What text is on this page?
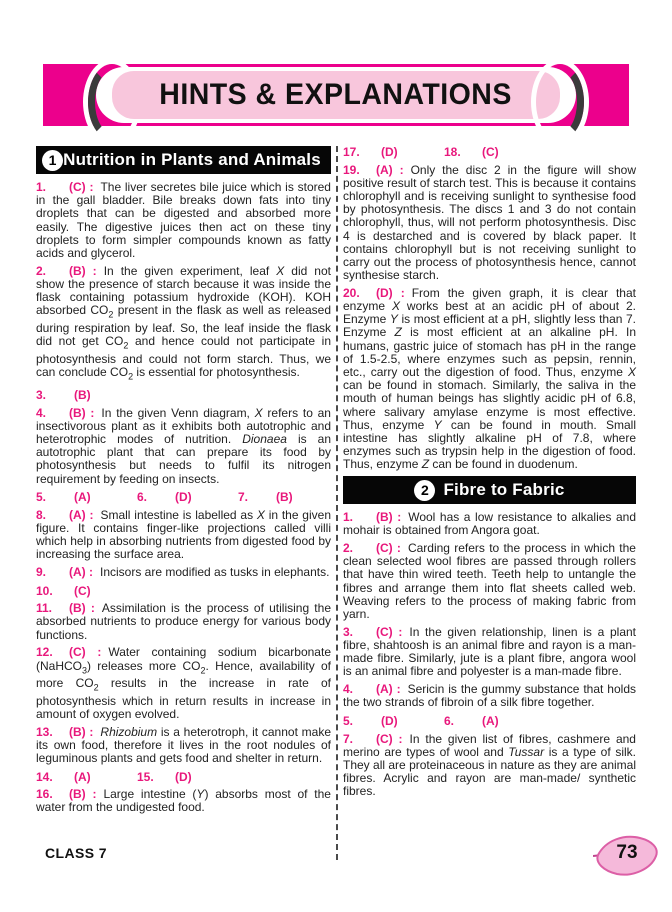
HINTS & EXPLANATIONS
1 Nutrition in Plants and Animals

1. (C) : The liver secretes bile juice which is stored in the gall bladder. Bile breaks down fats into tiny droplets that can be digested and absorbed more easily. The digestive juices then act on these tiny droplets to form simpler compounds known as fatty acids and glycerol.

2. (B) : In the given experiment, leaf X did not show the presence of starch because it was inside the flask containing potassium hydroxide (KOH). KOH absorbed $CO_2$ present in the flask as well as released during respiration by leaf. So, the leaf inside the flask did not get $CO_2$ and hence could not participate in photosynthesis and could not form starch. Thus, we can conclude $CO_2$ is essential for photosynthesis.

3. (B)

4. (B) : In the given Venn diagram, X refers to an insectivorous plant as it exhibits both autotrophic and heterotrophic modes of nutrition. Dionaea is an autotrophic plant that can prepare its food by photosynthesis but needs to fulfil its nitrogen requirement by feeding on insects.

5. (A)	6. (D)	7. (B)

8. (A) : Small intestine is labelled as X in the given figure. It contains finger-like projections called villi which help in absorbing nutrients from digested food by increasing the surface area.

9. (A) : Incisors are modified as tusks in elephants.

10. (C)

11. (B) : Assimilation is the process of utilising the absorbed nutrients to produce energy for various body functions.

12. (C) : Water containing sodium bicarbonate (NaHCO$_3$) releases more $CO_2$. Hence, availability of more $CO_2$ results in the increase in rate of photosynthesis which in return results in increase in amount of oxygen evolved.

13. (B) : Rhizobium is a heterotroph, it cannot make its own food, therefore it lives in the root nodules of leguminous plants and gets food and shelter in return.

14. (A)	15. (D)

16. (B) : Large intestine (Y) absorbs most of the water from the undigested food.

17. (D)	18. (C)

19. (A) : Only the disc 2 in the figure will show positive result of starch test. This is because it contains chlorophyll and is receiving sunlight to synthesise food by photosynthesis. The discs 1 and 3 do not contain chlorophyll, thus, will not perform photosynthesis. Disc 4 is destarched and is covered by black paper. It contains chlorophyll but is not receiving sunlight to carry out the process of photosynthesis hence, cannot synthesise starch.

20. (D) : From the given graph, it is clear that enzyme X works best at an acidic pH of about 2. Enzyme Y is most efficient at a pH, slightly less than 7. Enzyme Z is most efficient at an alkaline pH. In humans, gastric juice of stomach has pH in the range of 1.5-2.5, where enzymes such as pepsin, rennin, etc., carry out the digestion of food. Thus, enzyme X can be found in stomach. Similarly, the saliva in the mouth of human beings has slightly acidic pH of 6.8, where salivary amylase enzyme is most effective. Thus, enzyme Y can be found in mouth. Small intestine has slightly alkaline pH of 7.8, where enzymes such as trypsin help in the digestion of food. Thus, enzyme Z can be found in duodenum.

2 Fibre to Fabric

1. (B) : Wool has a low resistance to alkalies and mohair is obtained from Angora goat.

2. (C) : Carding refers to the process in which the clean selected wool fibres are passed through rollers that have thin wired teeth. Teeth help to untangle the fibres and arrange them into flat sheets called web. Weaving refers to the process of making fabric from yarn.

3. (C) : In the given relationship, linen is a plant fibre, shahtoosh is an animal fibre and rayon is a man-made fibre. Similarly, jute is a plant fibre, angora wool is an animal fibre and polyester is a man-made fibre.

4. (A) : Sericin is the gummy substance that holds the two strands of fibroin of a silk fibre together.

5. (D)	6. (A)

7. (C) : In the given list of fibres, cashmere and merino are types of wool and Tussar is a type of silk. They all are proteinaceous in nature as they are animal fibres. Acrylic and rayon are man-made/ synthetic fibres.

CLASS 7	73
